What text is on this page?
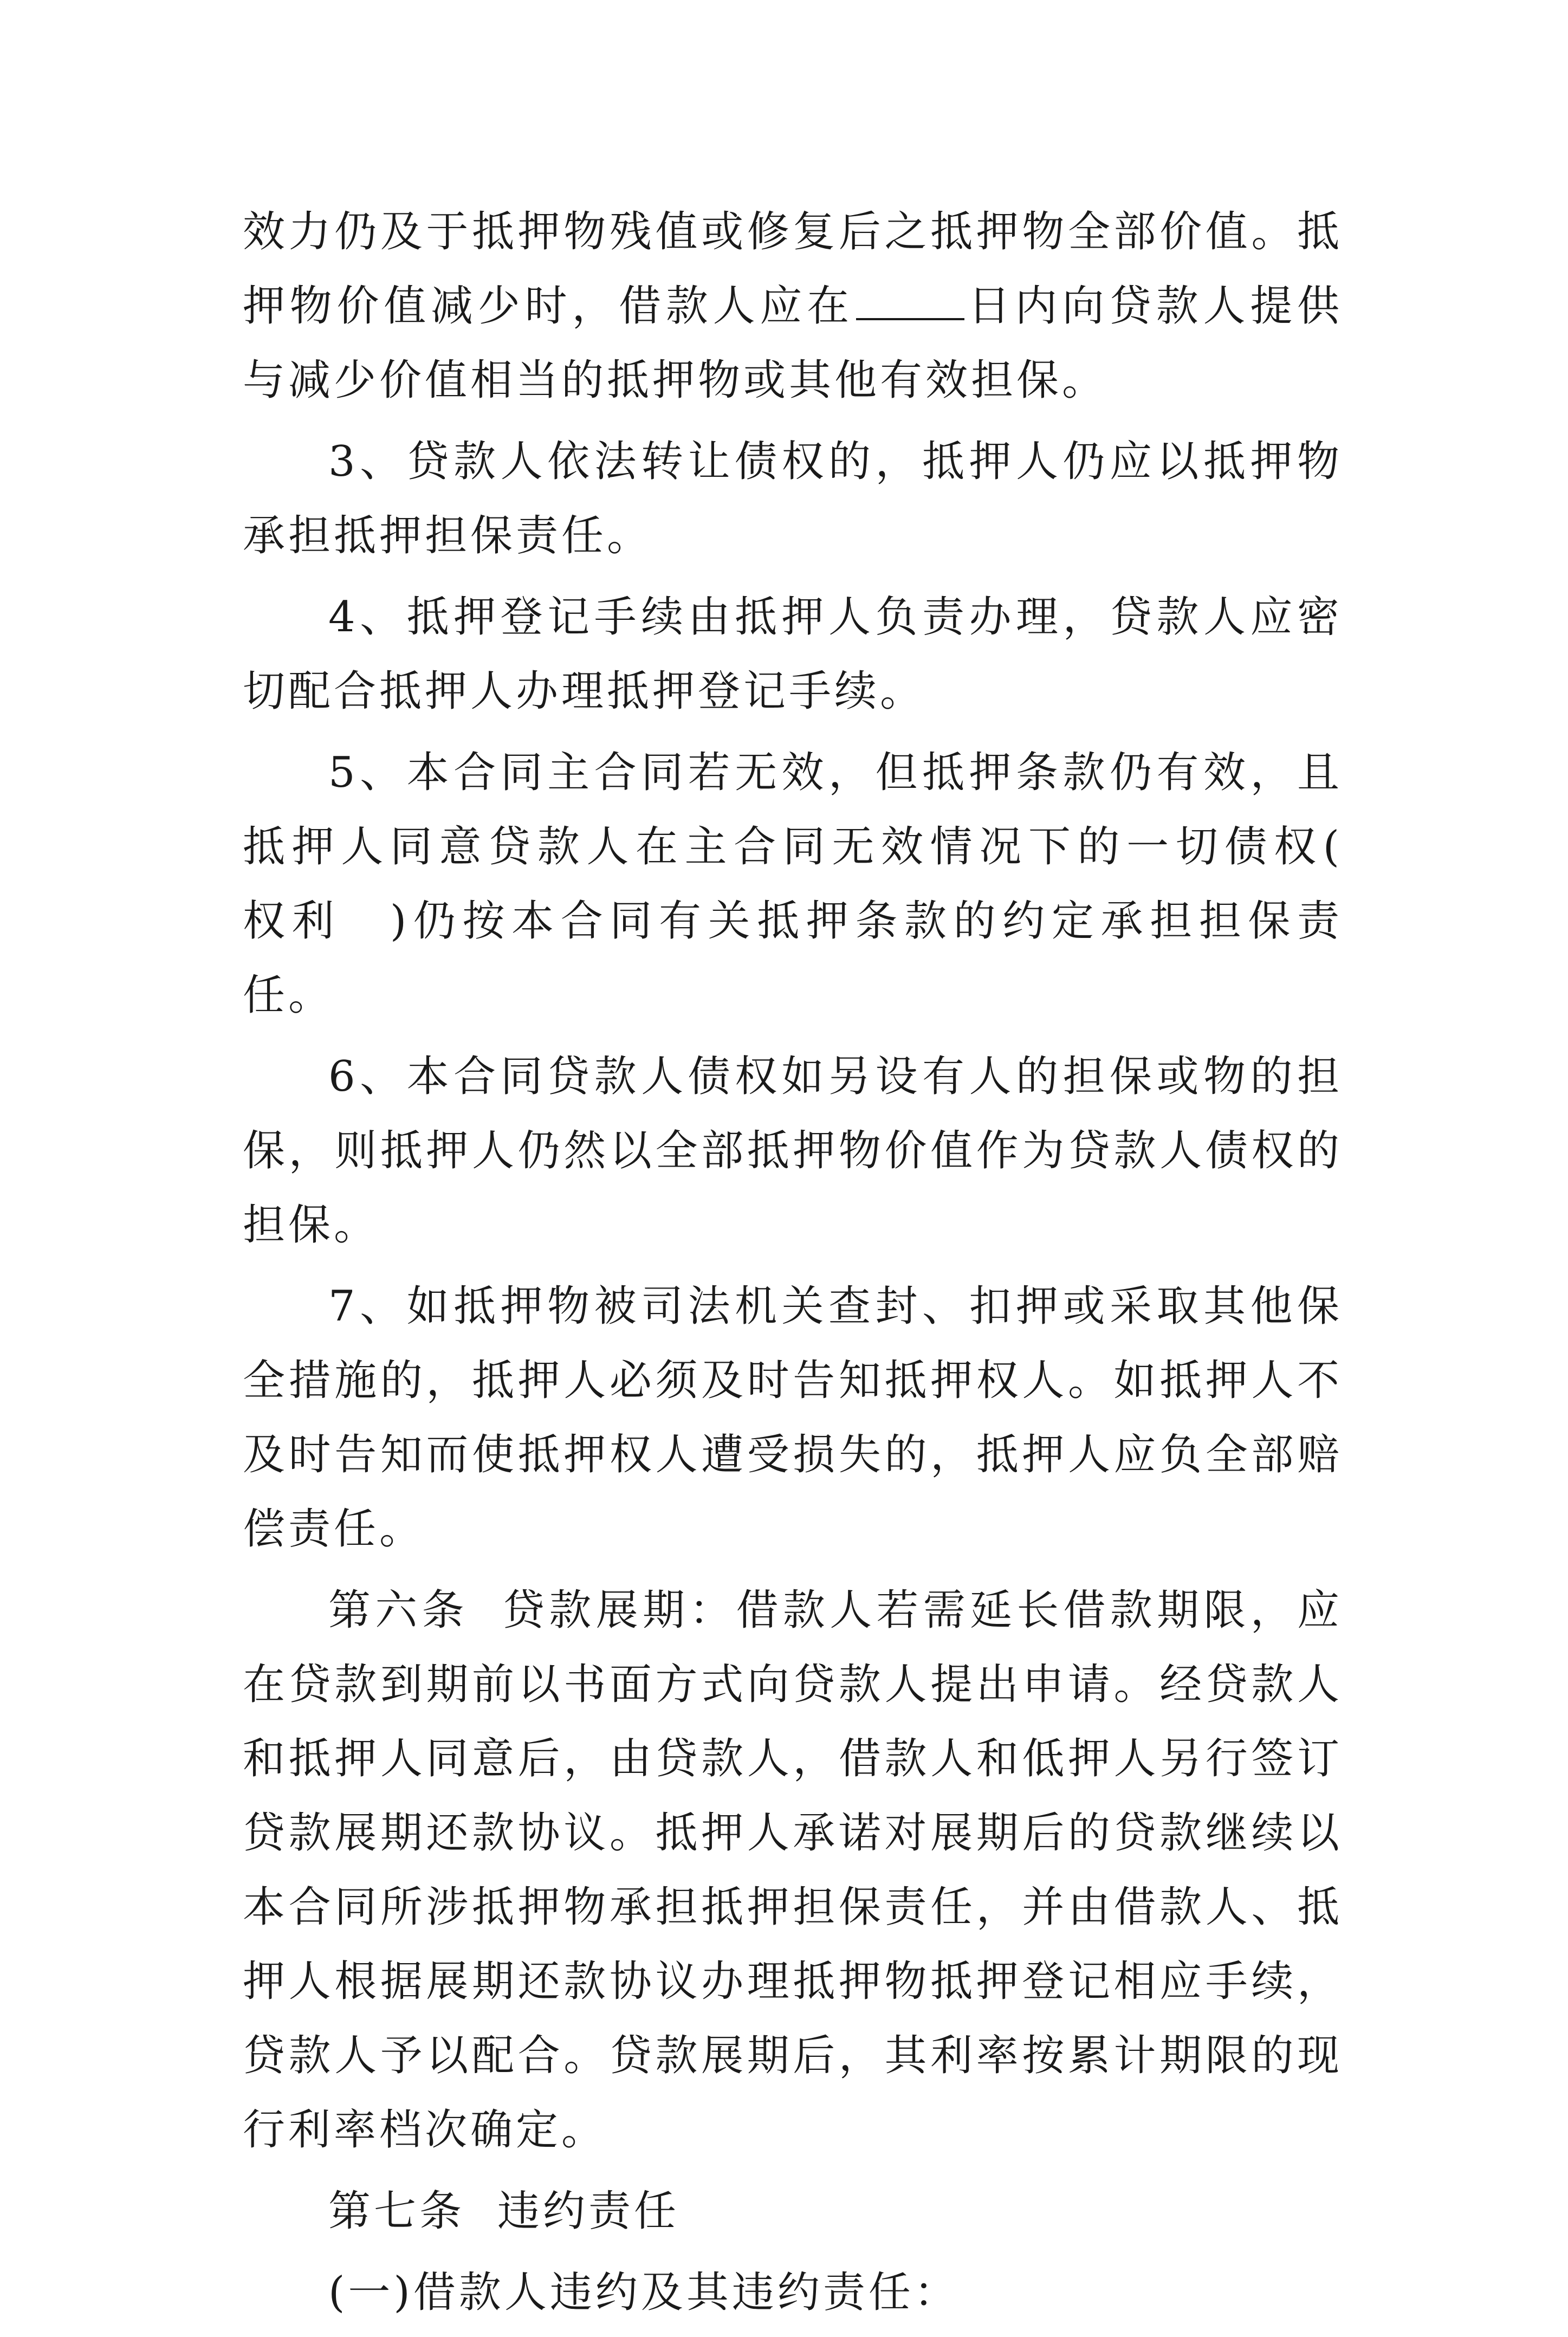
效力仍及于抵押物残值或修复后之抵押物全部价值。抵押物价值减少时，借款人应在	日内向贷款人提供与减少价值相当的抵押物或其他有效担保。

3、贷款人依法转让债权的，抵押人仍应以抵押物承担抵押担保责任。

4、抵押登记手续由抵押人负责办理，贷款人应密切配合抵押人办理抵押登记手续。

5、本合同主合同若无效，但抵押条款仍有效，且抵押人同意贷款人在主合同无效情况下的一切债权(　权利　)仍按本合同有关抵押条款的约定承担担保责任。

6、本合同贷款人债权如另设有人的担保或物的担保，则抵押人仍然以全部抵押物价值作为贷款人债权的担保。

7、如抵押物被司法机关查封、扣押或采取其他保全措施的，抵押人必须及时告知抵押权人。如抵押人不及时告知而使抵押权人遭受损失的，抵押人应负全部赔偿责任。

第六条 贷款展期：借款人若需延长借款期限，应在贷款到期前以书面方式向贷款人提出申请。经贷款人和抵押人同意后，由贷款人，借款人和低押人另行签订贷款展期还款协议。抵押人承诺对展期后的贷款继续以本合同所涉抵押物承担抵押担保责任，并由借款人、抵押人根据展期还款协议办理抵押物抵押登记相应手续，贷款人予以配合。贷款展期后，其利率按累计期限的现行利率档次确定。

第七条 违约责任

(一)借款人违约及其违约责任：
